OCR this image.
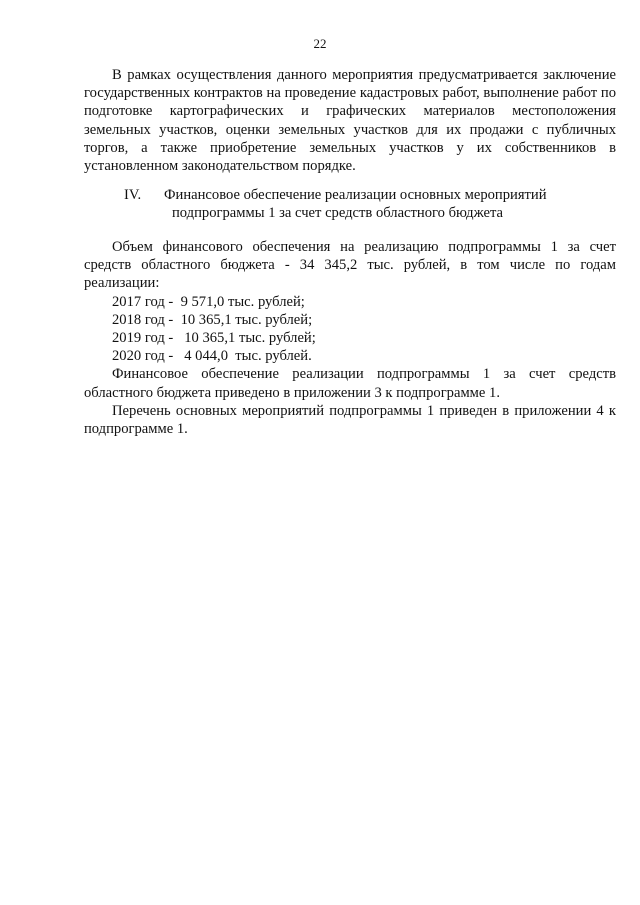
22

В рамках осуществления данного мероприятия предусматривается заключение государственных контрактов на проведение кадастровых работ, выполнение работ по подготовке картографических и графических материалов местоположения земельных участков, оценки земельных участков для их продажи с публичных торгов, а также приобретение земельных участков у их собственников в установленном законодательством порядке.

IV. Финансовое обеспечение реализации основных мероприятий
подпрограммы 1 за счет средств областного бюджета

Объем финансового обеспечения на реализацию подпрограммы 1 за счет средств областного бюджета - 34 345,2 тыс. рублей, в том числе по годам реализации:

2017 год -  9 571,0 тыс. рублей;

2018 год -  10 365,1 тыс. рублей;

2019 год -   10 365,1 тыс. рублей;

2020 год -   4 044,0  тыс. рублей.

Финансовое обеспечение реализации подпрограммы 1 за счет средств областного бюджета приведено в приложении 3 к подпрограмме 1.

Перечень основных мероприятий подпрограммы 1 приведен в приложении 4 к подпрограмме 1.
